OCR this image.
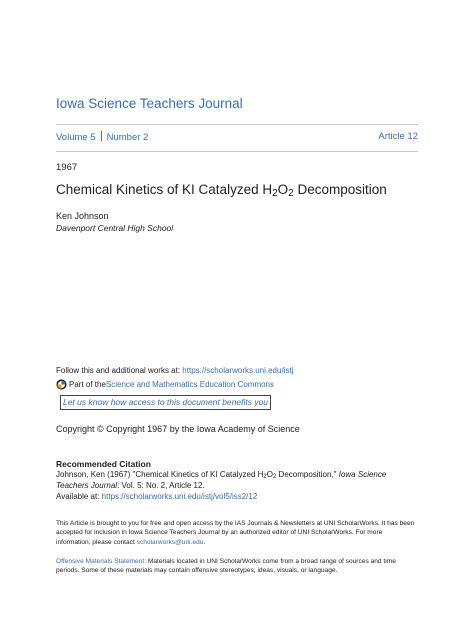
Iowa Science Teachers Journal
Volume 5 Number 2	Article 12
1967
Chemical Kinetics of KI Catalyzed $H_2O_2$ Decomposition
Ken Johnson
Davenport Central High School
Follow this and additional works at: https://scholarworks.uni.edu/istj
Part of the Science and Mathematics Education Commons
Let us know how access to this document benefits you
Copyright © Copyright 1967 by the Iowa Academy of Science
Recommended Citation
Johnson, Ken (1967) "Chemical Kinetics of KI Catalyzed $H_2O_2$ Decomposition," Iowa Science Teachers Journal: Vol. 5: No. 2, Article 12.
Available at: https://scholarworks.uni.edu/istj/vol5/iss2/12
This Article is brought to you for free and open access by the IAS Journals & Newsletters at UNI ScholarWorks. It has been accepted for inclusion in Iowa Science Teachers Journal by an authorized editor of UNI ScholarWorks. For more information, please contact scholarworks@uni.edu.
Offensive Materials Statement: Materials located in UNI ScholarWorks come from a broad range of sources and time periods. Some of these materials may contain offensive stereotypes, ideas, visuals, or language.
